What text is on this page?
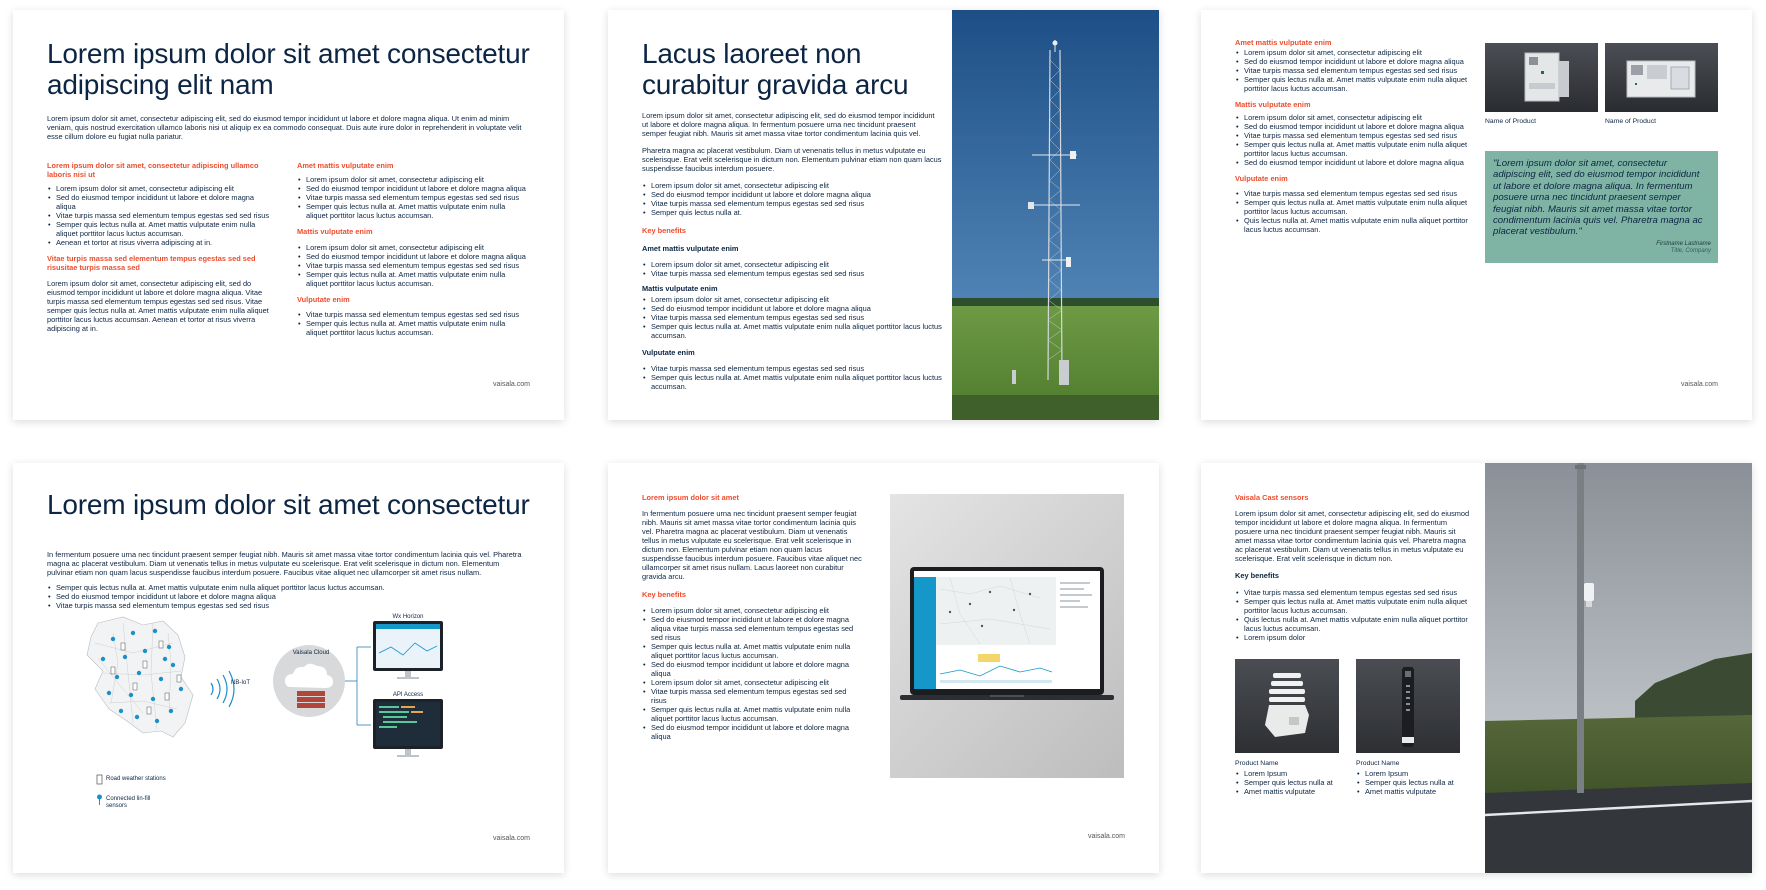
Lorem ipsum dolor sit amet consectetur adipiscing elit nam

Lorem ipsum dolor sit amet, consectetur adipiscing elit, sed do eiusmod tempor incididunt ut labore et dolore magna aliqua. Ut enim ad minim veniam, quis nostrud exercitation ullamco laboris nisi ut aliquip ex ea commodo consequat. Duis aute irure dolor in reprehenderit in voluptate velit esse cillum dolore eu fugiat nulla pariatur.

Lorem ipsum dolor sit amet, consectetur adipiscing ullamco laboris nisi ut
• Lorem ipsum dolor sit amet, consectetur adipiscing elit
• Sed do eiusmod tempor incididunt ut labore et dolore magna aliqua
• Vitae turpis massa sed elementum tempus egestas sed sed risus
• Semper quis lectus nulla at. Amet mattis vulputate enim nulla aliquet porttitor lacus luctus accumsan.
• Aenean et tortor at risus viverra adipiscing at in.
Vitae turpis massa sed elementum tempus egestas sed sed risusitae turpis massa sed

Lorem ipsum dolor sit amet, consectetur adipiscing elit, sed do eiusmod tempor incididunt ut labore et dolore magna aliqua. Vitae turpis massa sed elementum tempus egestas sed sed risus. Vitae semper quis lectus nulla at. Amet mattis vulputate enim nulla aliquet porttitor lacus luctus accumsan. Aenean et tortor at risus viverra adipiscing at in.

Amet mattis vulputate enim
• Lorem ipsum dolor sit amet, consectetur adipiscing elit
• Sed do eiusmod tempor incididunt ut labore et dolore magna aliqua
• Vitae turpis massa sed elementum tempus egestas sed sed risus
• Semper quis lectus nulla at. Amet mattis vulputate enim nulla aliquet porttitor lacus luctus accumsan.
Mattis vulputate enim
• Lorem ipsum dolor sit amet, consectetur adipiscing elit
• Sed do eiusmod tempor incididunt ut labore et dolore magna aliqua
• Vitae turpis massa sed elementum tempus egestas sed sed risus
• Semper quis lectus nulla at. Amet mattis vulputate enim nulla aliquet porttitor lacus luctus accumsan.
Vulputate enim
• Vitae turpis massa sed elementum tempus egestas sed sed risus
• Semper quis lectus nulla at. Amet mattis vulputate enim nulla aliquet porttitor lacus luctus accumsan.
vaisala.com
Lacus laoreet non curabitur gravida arcu

Lorem ipsum dolor sit amet, consectetur adipiscing elit, sed do eiusmod tempor incididunt ut labore et dolore magna aliqua. In fermentum posuere urna nec tincidunt praesent semper feugiat nibh. Mauris sit amet massa vitae tortor condimentum lacinia quis vel.

Pharetra magna ac placerat vestibulum. Diam ut venenatis tellus in metus vulputate eu scelerisque. Erat velit scelerisque in dictum non. Elementum pulvinar etiam non quam lacus suspendisse faucibus interdum posuere.

• Lorem ipsum dolor sit amet, consectetur adipiscing elit
• Sed do eiusmod tempor incididunt ut labore et dolore magna aliqua
• Vitae turpis massa sed elementum tempus egestas sed sed risus
• Semper quis lectus nulla at.
Key benefits
Amet mattis vulputate enim
• Lorem ipsum dolor sit amet, consectetur adipiscing elit
• Vitae turpis massa sed elementum tempus egestas sed sed risus
Mattis vulputate enim
• Lorem ipsum dolor sit amet, consectetur adipiscing elit
• Sed do eiusmod tempor incididunt ut labore et dolore magna aliqua
• Vitae turpis massa sed elementum tempus egestas sed sed risus
• Semper quis lectus nulla at. Amet mattis vulputate enim nulla aliquet porttitor lacus luctus accumsan.
Vulputate enim
• Vitae turpis massa sed elementum tempus egestas sed sed risus
• Semper quis lectus nulla at. Amet mattis vulputate enim nulla aliquet porttitor lacus luctus accumsan.
Amet mattis vulputate enim
• Lorem ipsum dolor sit amet, consectetur adipiscing elit
• Sed do eiusmod tempor incididunt ut labore et dolore magna aliqua
• Vitae turpis massa sed elementum tempus egestas sed sed risus
• Semper quis lectus nulla at. Amet mattis vulputate enim nulla aliquet porttitor lacus luctus accumsan.
Mattis vulputate enim
• Lorem ipsum dolor sit amet, consectetur adipiscing elit
• Sed do eiusmod tempor incididunt ut labore et dolore magna aliqua
• Vitae turpis massa sed elementum tempus egestas sed sed risus
• Semper quis lectus nulla at. Amet mattis vulputate enim nulla aliquet porttitor lacus luctus accumsan.
• Sed do eiusmod tempor incididunt ut labore et dolore magna aliqua
Vulputate enim
• Vitae turpis massa sed elementum tempus egestas sed sed risus
• Semper quis lectus nulla at. Amet mattis vulputate enim nulla aliquet porttitor lacus luctus accumsan.
• Quis lectus nulla at. Amet mattis vulputate enim nulla aliquet porttitor lacus luctus accumsan.
Name of Product	Name of Product

"Lorem ipsum dolor sit amet, consectetur adipiscing elit, sed do eiusmod tempor incididunt ut labore et dolore magna aliqua. In fermentum posuere urna nec tincidunt praesent semper feugiat nibh. Mauris sit amet massa vitae tortor condimentum lacinia quis vel. Pharetra magna ac placerat vestibulum."

Firstname Lastname
Title, Company
vaisala.com
Lorem ipsum dolor sit amet consectetur

In fermentum posuere urna nec tincidunt praesent semper feugiat nibh. Mauris sit amet massa vitae tortor condimentum lacinia quis vel. Pharetra magna ac placerat vestibulum. Diam ut venenatis tellus in metus vulputate eu scelerisque. Erat velit scelerisque in dictum non. Elementum pulvinar etiam non quam lacus suspendisse faucibus interdum posuere. Faucibus vitae aliquet nec ullamcorper sit amet risus nullam.

• Semper quis lectus nulla at. Amet mattis vulputate enim nulla aliquet porttitor lacus luctus accumsan.
• Sed do eiusmod tempor incididunt ut labore et dolore magna aliqua
• Vitae turpis massa sed elementum tempus egestas sed sed risus
NB-IoT
Vaisala Cloud
Wx Horizon
API Access
Road weather stations
Connected lin-fill sensors
vaisala.com
Lorem ipsum dolor sit amet

In fermentum posuere urna nec tincidunt praesent semper feugiat nibh. Mauris sit amet massa vitae tortor condimentum lacinia quis vel. Pharetra magna ac placerat vestibulum. Diam ut venenatis tellus in metus vulputate eu scelerisque. Erat velit scelerisque in dictum non. Elementum pulvinar etiam non quam lacus suspendisse faucibus interdum posuere. Faucibus vitae aliquet nec ullamcorper sit amet risus nullam. Lacus laoreet non curabitur gravida arcu.

Key benefits
• Lorem ipsum dolor sit amet, consectetur adipiscing elit
• Sed do eiusmod tempor incididunt ut labore et dolore magna aliqua vitae turpis massa sed elementum tempus egestas sed sed risus
• Semper quis lectus nulla at. Amet mattis vulputate enim nulla aliquet porttitor lacus luctus accumsan.
• Sed do eiusmod tempor incididunt ut labore et dolore magna aliqua
• Lorem ipsum dolor sit amet, consectetur adipiscing elit
• Vitae turpis massa sed elementum tempus egestas sed sed risus
• Semper quis lectus nulla at. Amet mattis vulputate enim nulla aliquet porttitor lacus luctus accumsan.
• Sed do eiusmod tempor incididunt ut labore et dolore magna aliqua
vaisala.com
Vaisala Cast sensors

Lorem ipsum dolor sit amet, consectetur adipiscing elit, sed do eiusmod tempor incididunt ut labore et dolore magna aliqua. In fermentum posuere urna nec tincidunt praesent semper feugiat nibh. Mauris sit amet massa vitae tortor condimentum lacinia quis vel. Pharetra magna ac placerat vestibulum. Diam ut venenatis tellus in metus vulputate eu scelerisque. Erat velit scelerisque in dictum non.

Key benefits
• Vitae turpis massa sed elementum tempus egestas sed sed risus
• Semper quis lectus nulla at. Amet mattis vulputate enim nulla aliquet porttitor lacus luctus accumsan.
• Quis lectus nulla at. Amet mattis vulputate enim nulla aliquet porttitor lacus luctus accumsan.
• Lorem ipsum dolor
Product Name
• Lorem Ipsum
• Semper quis lectus nulla at
• Amet mattis vulputate
Product Name
• Lorem Ipsum
• Semper quis lectus nulla at
• Amet mattis vulputate
